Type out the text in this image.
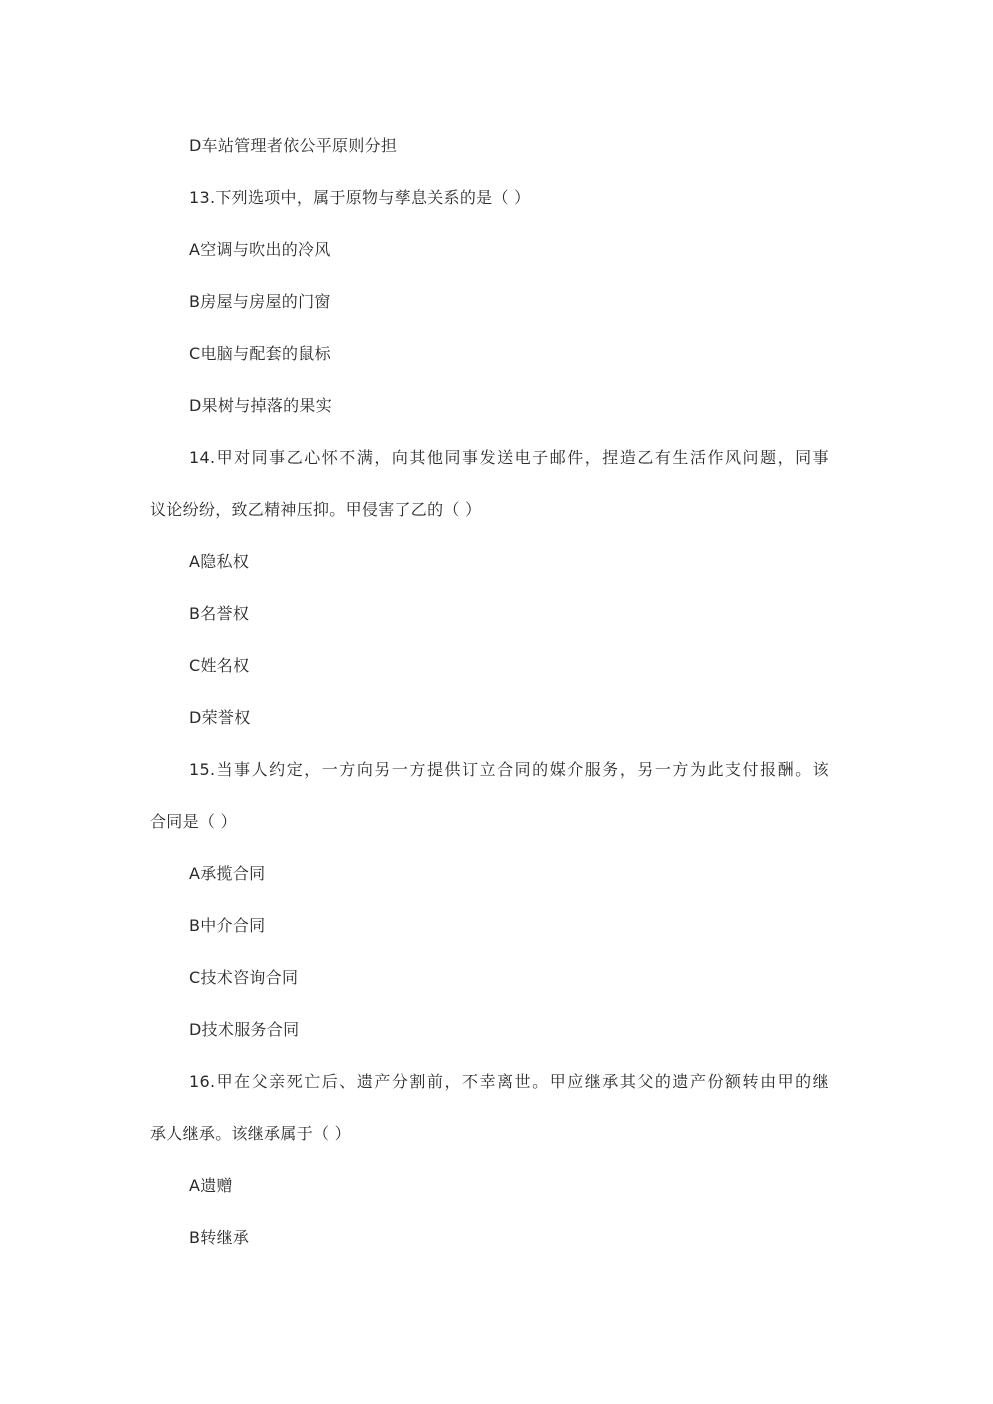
D车站管理者依公平原则分担
13.下列选项中，属于原物与孳息关系的是（ ）
A空调与吹出的冷风
B房屋与房屋的门窗
C电脑与配套的鼠标
D果树与掉落的果实
14.甲对同事乙心怀不满，向其他同事发送电子邮件，捏造乙有生活作风问题，同事
议论纷纷，致乙精神压抑。甲侵害了乙的（ ）
A隐私权
B名誉权
C姓名权
D荣誉权
15.当事人约定，一方向另一方提供订立合同的媒介服务，另一方为此支付报酬。该
合同是（ ）
A承揽合同
B中介合同
C技术咨询合同
D技术服务合同
16.甲在父亲死亡后、遗产分割前，不幸离世。甲应继承其父的遗产份额转由甲的继
承人继承。该继承属于（ ）
A遗赠
B转继承
